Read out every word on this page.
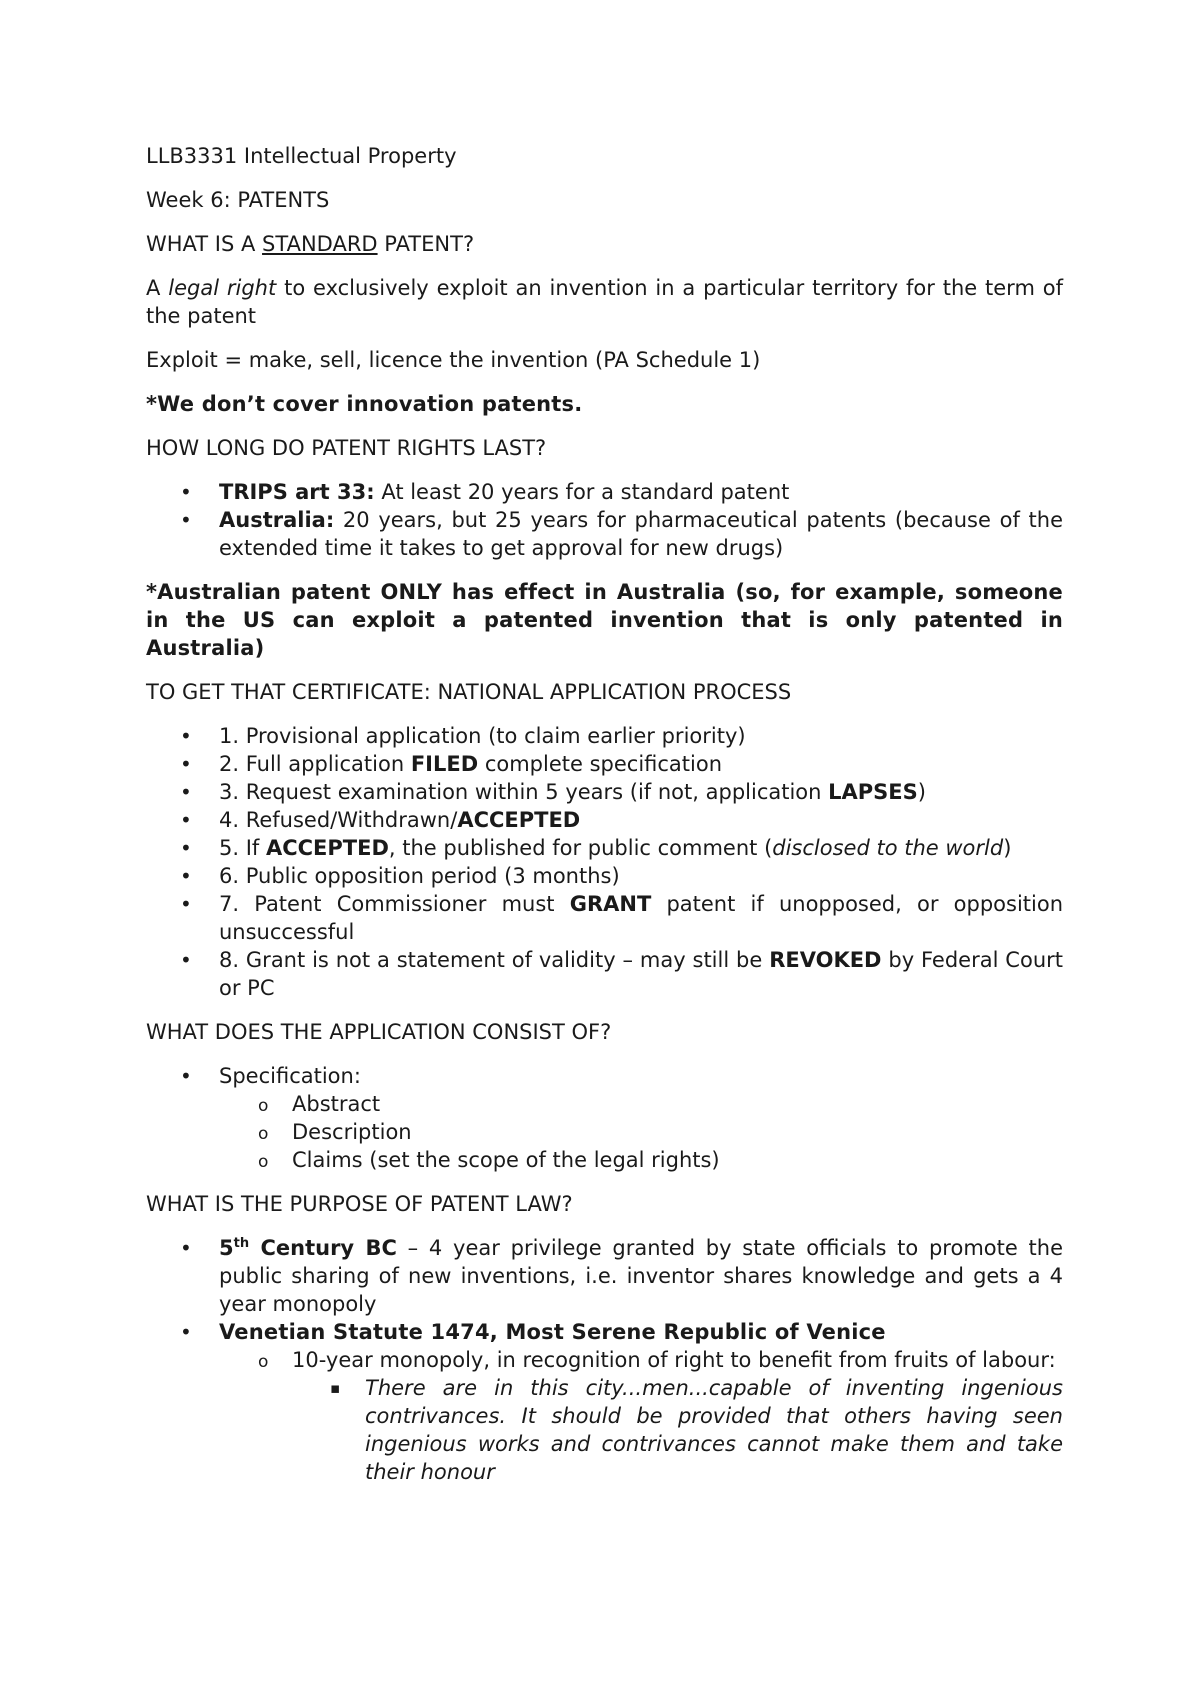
LLB3331 Intellectual Property

Week 6: PATENTS

WHAT IS A STANDARD PATENT?

A legal right to exclusively exploit an invention in a particular territory for the term of the patent

Exploit = make, sell, licence the invention (PA Schedule 1)

*We don’t cover innovation patents.

HOW LONG DO PATENT RIGHTS LAST?

• TRIPS art 33: At least 20 years for a standard patent
• Australia: 20 years, but 25 years for pharmaceutical patents (because of the extended time it takes to get approval for new drugs)

*Australian patent ONLY has effect in Australia (so, for example, someone in the US can exploit a patented invention that is only patented in Australia)

TO GET THAT CERTIFICATE: NATIONAL APPLICATION PROCESS

• 1. Provisional application (to claim earlier priority)
• 2. Full application FILED complete specification
• 3. Request examination within 5 years (if not, application LAPSES)
• 4. Refused/Withdrawn/ACCEPTED
• 5. If ACCEPTED, the published for public comment (disclosed to the world)
• 6. Public opposition period (3 months)
• 7. Patent Commissioner must GRANT patent if unopposed, or opposition unsuccessful
• 8. Grant is not a statement of validity – may still be REVOKED by Federal Court or PC

WHAT DOES THE APPLICATION CONSIST OF?

• Specification:
o Abstract
o Description
o Claims (set the scope of the legal rights)

WHAT IS THE PURPOSE OF PATENT LAW?

• 5th Century BC – 4 year privilege granted by state officials to promote the public sharing of new inventions, i.e. inventor shares knowledge and gets a 4 year monopoly
• Venetian Statute 1474, Most Serene Republic of Venice
o 10-year monopoly, in recognition of right to benefit from fruits of labour:
▪ There are in this city...men...capable of inventing ingenious contrivances. It should be provided that others having seen ingenious works and contrivances cannot make them and take their honour
